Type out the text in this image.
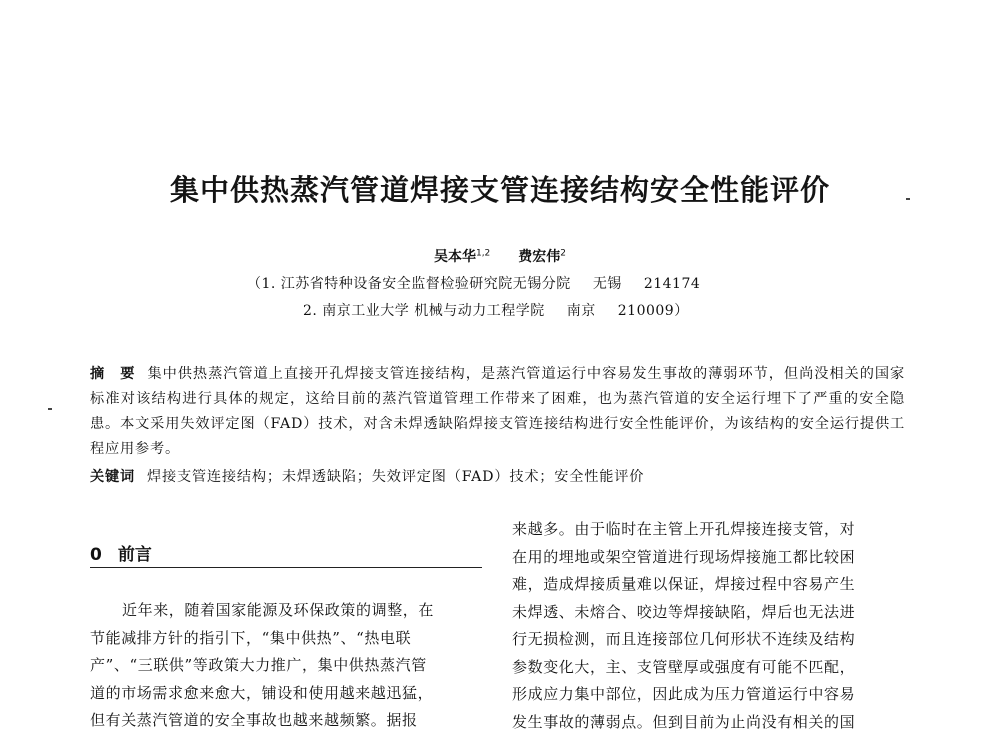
集中供热蒸汽管道焊接支管连接结构安全性能评价
吴本华$^{1,2}$ 费宏伟$^2$
（1. 江苏省特种设备安全监督检验研究院无锡分院 无锡 214174
2. 南京工业大学 机械与动力工程学院 南京 210009）
摘　要 集中供热蒸汽管道上直接开孔焊接支管连接结构，是蒸汽管道运行中容易发生事故的薄弱环节，但尚没相关的国家标准对该结构进行具体的规定，这给目前的蒸汽管道管理工作带来了困难，也为蒸汽管道的安全运行埋下了严重的安全隐患。本文采用失效评定图（FAD）技术，对含未焊透缺陷焊接支管连接结构进行安全性能评价，为该结构的安全运行提供工程应用参考。
关键词 焊接支管连接结构；未焊透缺陷；失效评定图（FAD）技术；安全性能评价
0 前言
近年来，随着国家能源及环保政策的调整，在
节能减排方针的指引下，“集中供热”、“热电联
产”、“三联供”等政策大力推广，集中供热蒸汽管
道的市场需求愈来愈大，铺设和使用越来越迅猛，
但有关蒸汽管道的安全事故也越来越频繁。据报
来越多。由于临时在主管上开孔焊接连接支管，对
在用的埋地或架空管道进行现场焊接施工都比较困
难，造成焊接质量难以保证，焊接过程中容易产生
未焊透、未熔合、咬边等焊接缺陷，焊后也无法进
行无损检测，而且连接部位几何形状不连续及结构
参数变化大，主、支管壁厚或强度有可能不匹配，
形成应力集中部位，因此成为压力管道运行中容易
发生事故的薄弱点。但到目前为止尚没有相关的国
